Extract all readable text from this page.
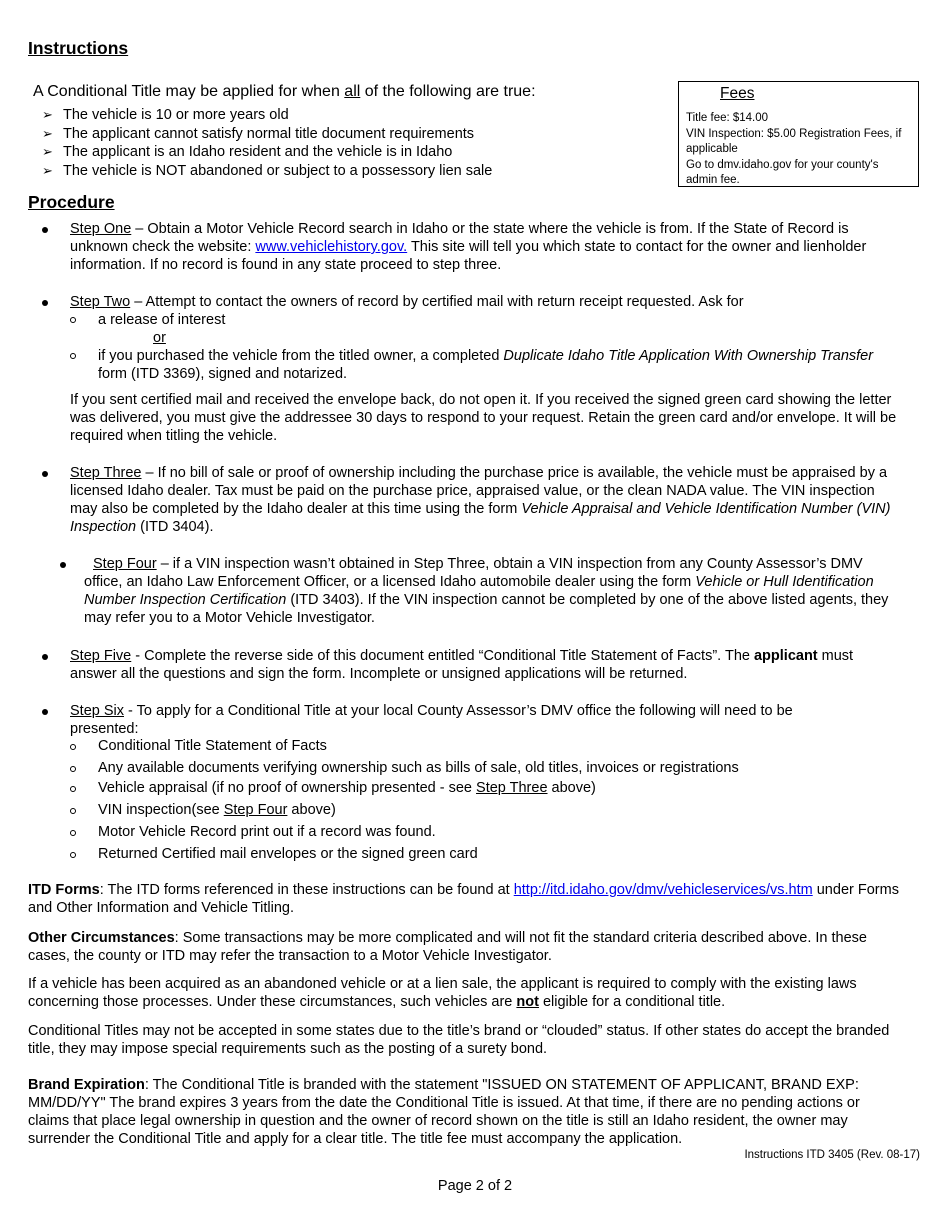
Instructions
A Conditional Title may be applied for when all of the following are true:
➢ The vehicle is 10 or more years old
➢ The applicant cannot satisfy normal title document requirements
➢ The applicant is an Idaho resident and the vehicle is in Idaho
➢ The vehicle is NOT abandoned or subject to a possessory lien sale
Fees
Title fee: $14.00
VIN Inspection: $5.00 Registration Fees, if applicable
Go to dmv.idaho.gov for your county's admin fee.
Procedure
Step One – Obtain a Motor Vehicle Record search in Idaho or the state where the vehicle is from. If the State of Record is unknown check the website: www.vehiclehistory.gov. This site will tell you which state to contact for the owner and lienholder information. If no record is found in any state proceed to step three.
Step Two – Attempt to contact the owners of record by certified mail with return receipt requested. Ask for
a release of interest
or
if you purchased the vehicle from the titled owner, a completed Duplicate Idaho Title Application With Ownership Transfer form (ITD 3369), signed and notarized.
If you sent certified mail and received the envelope back, do not open it. If you received the signed green card showing the letter was delivered, you must give the addressee 30 days to respond to your request. Retain the green card and/or envelope. It will be required when titling the vehicle.
Step Three – If no bill of sale or proof of ownership including the purchase price is available, the vehicle must be appraised by a licensed Idaho dealer. Tax must be paid on the purchase price, appraised value, or the clean NADA value. The VIN inspection may also be completed by the Idaho dealer at this time using the form Vehicle Appraisal and Vehicle Identification Number (VIN) Inspection (ITD 3404).
Step Four – if a VIN inspection wasn’t obtained in Step Three, obtain a VIN inspection from any County Assessor’s DMV office, an Idaho Law Enforcement Officer, or a licensed Idaho automobile dealer using the form Vehicle or Hull Identification Number Inspection Certification (ITD 3403). If the VIN inspection cannot be completed by one of the above listed agents, they may refer you to a Motor Vehicle Investigator.
Step Five - Complete the reverse side of this document entitled “Conditional Title Statement of Facts”. The applicant must answer all the questions and sign the form. Incomplete or unsigned applications will be returned.
Step Six - To apply for a Conditional Title at your local County Assessor’s DMV office the following will need to be presented:
Conditional Title Statement of Facts
Any available documents verifying ownership such as bills of sale, old titles, invoices or registrations
Vehicle appraisal (if no proof of ownership presented - see Step Three above)
VIN inspection(see Step Four above)
Motor Vehicle Record print out if a record was found.
Returned Certified mail envelopes or the signed green card
ITD Forms: The ITD forms referenced in these instructions can be found at http://itd.idaho.gov/dmv/vehicleservices/vs.htm under Forms and Other Information and Vehicle Titling.
Other Circumstances: Some transactions may be more complicated and will not fit the standard criteria described above. In these cases, the county or ITD may refer the transaction to a Motor Vehicle Investigator.
If a vehicle has been acquired as an abandoned vehicle or at a lien sale, the applicant is required to comply with the existing laws concerning those processes. Under these circumstances, such vehicles are not eligible for a conditional title.
Conditional Titles may not be accepted in some states due to the title’s brand or “clouded” status. If other states do accept the branded title, they may impose special requirements such as the posting of a surety bond.
Brand Expiration: The Conditional Title is branded with the statement "ISSUED ON STATEMENT OF APPLICANT, BRAND EXP: MM/DD/YY" The brand expires 3 years from the date the Conditional Title is issued. At that time, if there are no pending actions or claims that place legal ownership in question and the owner of record shown on the title is still an Idaho resident, the owner may surrender the Conditional Title and apply for a clear title. The title fee must accompany the application.
Instructions ITD 3405 (Rev. 08-17)
Page 2 of 2
